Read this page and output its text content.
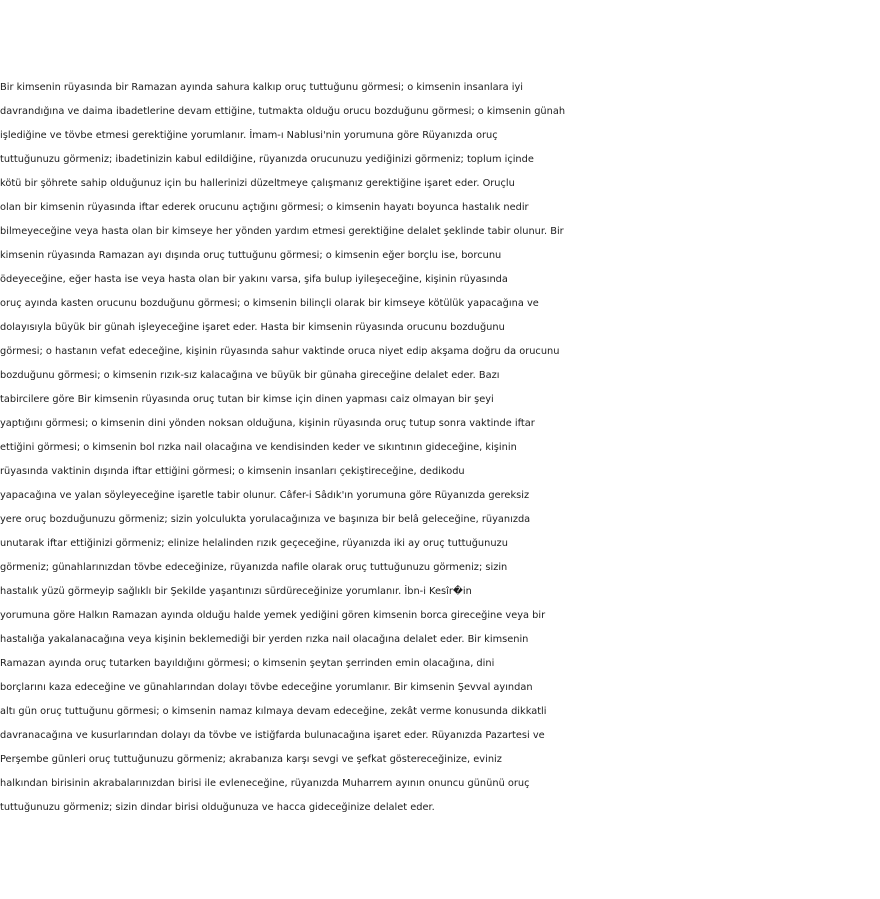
Bir kimsenin rüyasında bir Ramazan ayında sahura kalkıp oruç tuttuğunu görmesi; o kimsenin insanlara iyi

davrandığına ve daima ibadetlerine devam ettiğine, tutmakta olduğu orucu bozduğunu görmesi; o kimsenin günah

işlediğine ve tövbe etmesi gerektiğine yorumlanır. İmam-ı Nablusi'nin yorumuna göre Rüyanızda oruç

tuttuğunuzu görmeniz; ibadetinizin kabul edildiğine, rüyanızda orucunuzu yediğinizi görmeniz; toplum içinde

kötü bir şöhrete sahip olduğunuz için bu hallerinizi düzeltmeye çalışmanız gerektiğine işaret eder. Oruçlu

olan bir kimsenin rüyasında iftar ederek orucunu açtığını görmesi; o kimsenin hayatı boyunca hastalık nedir

bilmeyeceğine veya hasta olan bir kimseye her yönden yardım etmesi gerektiğine delalet şeklinde tabir olunur. Bir

kimsenin rüyasında Ramazan ayı dışında oruç tuttuğunu görmesi; o kimsenin eğer borçlu ise, borcunu

ödeyeceğine, eğer hasta ise veya hasta olan bir yakını varsa, şifa bulup iyileşeceğine, kişinin rüyasında

oruç ayında kasten orucunu bozduğunu görmesi; o kimsenin bilinçli olarak bir kimseye kötülük yapacağına ve

dolayısıyla büyük bir günah işleyeceğine işaret eder. Hasta bir kimsenin rüyasında orucunu bozduğunu

görmesi; o hastanın vefat edeceğine, kişinin rüyasında sahur vaktinde oruca niyet edip akşama doğru da orucunu

bozduğunu görmesi; o kimsenin rızık-sız kalacağına ve büyük bir günaha gireceğine delalet eder. Bazı

tabircilere göre Bir kimsenin rüyasında oruç tutan bir kimse için dinen yapması caiz olmayan bir şeyi

yaptığını görmesi; o kimsenin dini yönden noksan olduğuna, kişinin rüyasında oruç tutup sonra vaktinde iftar

ettiğini görmesi; o kimsenin bol rızka nail olacağına ve kendisinden keder ve sıkıntının gideceğine, kişinin

rüyasında vaktinin dışında iftar ettiğini görmesi; o kimsenin insanları çekiştireceğine, dedikodu

yapacağına ve yalan söyleyeceğine işaretle tabir olunur. Câfer-i Sâdık'ın yorumuna göre Rüyanızda gereksiz

yere oruç bozduğunuzu görmeniz; sizin yolculukta yorulacağınıza ve başınıza bir belâ geleceğine, rüyanızda

unutarak iftar ettiğinizi görmeniz; elinize helalinden rızık geçeceğine, rüyanızda iki ay oruç tuttuğunuzu

görmeniz; günahlarınızdan tövbe edeceğinize, rüyanızda nafile olarak oruç tuttuğunuzu görmeniz; sizin

hastalık yüzü görmeyip sağlıklı bir Şekilde yaşantınızı sürdüreceğinize yorumlanır. İbn-i Kesîr�in

yorumuna göre Halkın Ramazan ayında olduğu halde yemek yediğini gören kimsenin borca gireceğine veya bir

hastalığa yakalanacağına veya kişinin beklemediği bir yerden rızka nail olacağına delalet eder. Bir kimsenin

Ramazan ayında oruç tutarken bayıldığını görmesi; o kimsenin şeytan şerrinden emin olacağına, dini

borçlarını kaza edeceğine ve günahlarından dolayı tövbe edeceğine yorumlanır. Bir kimsenin Şevval ayından

altı gün oruç tuttuğunu görmesi; o kimsenin namaz kılmaya devam edeceğine, zekât verme konusunda dikkatli

davranacağına ve kusurlarından dolayı da tövbe ve istiğfarda bulunacağına işaret eder. Rüyanızda Pazartesi ve

Perşembe günleri oruç tuttuğunuzu görmeniz; akrabanıza karşı sevgi ve şefkat göstereceğinize, eviniz

halkından birisinin akrabalarınızdan birisi ile evleneceğine, rüyanızda Muharrem ayının onuncu gününü oruç

tuttuğunuzu görmeniz; sizin dindar birisi olduğunuza ve hacca gideceğinize delalet eder.
